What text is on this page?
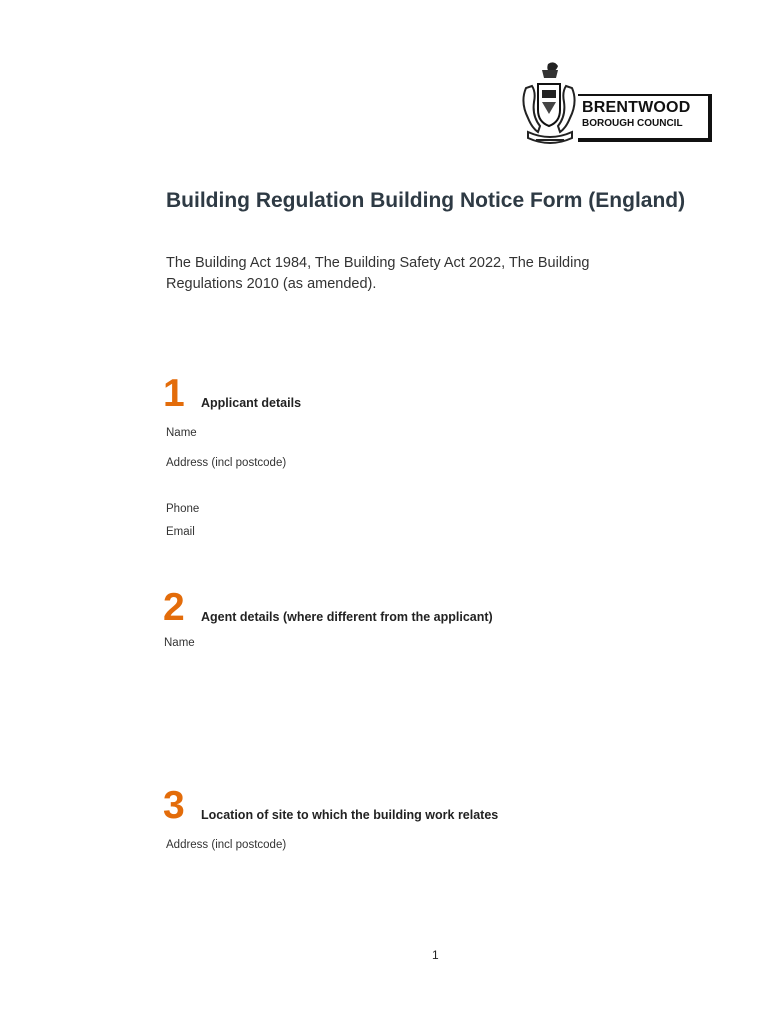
BRENTWOOD
BOROUGH COUNCIL
Building Regulation Building Notice Form (England)
The Building Act 1984, The Building Safety Act 2022, The Building Regulations 2010 (as amended).
1 Applicant details
Name
Address (incl postcode)
Phone
Email
2 Agent details (where different from the applicant)
Name
3 Location of site to which the building work relates
Address (incl postcode)
1
